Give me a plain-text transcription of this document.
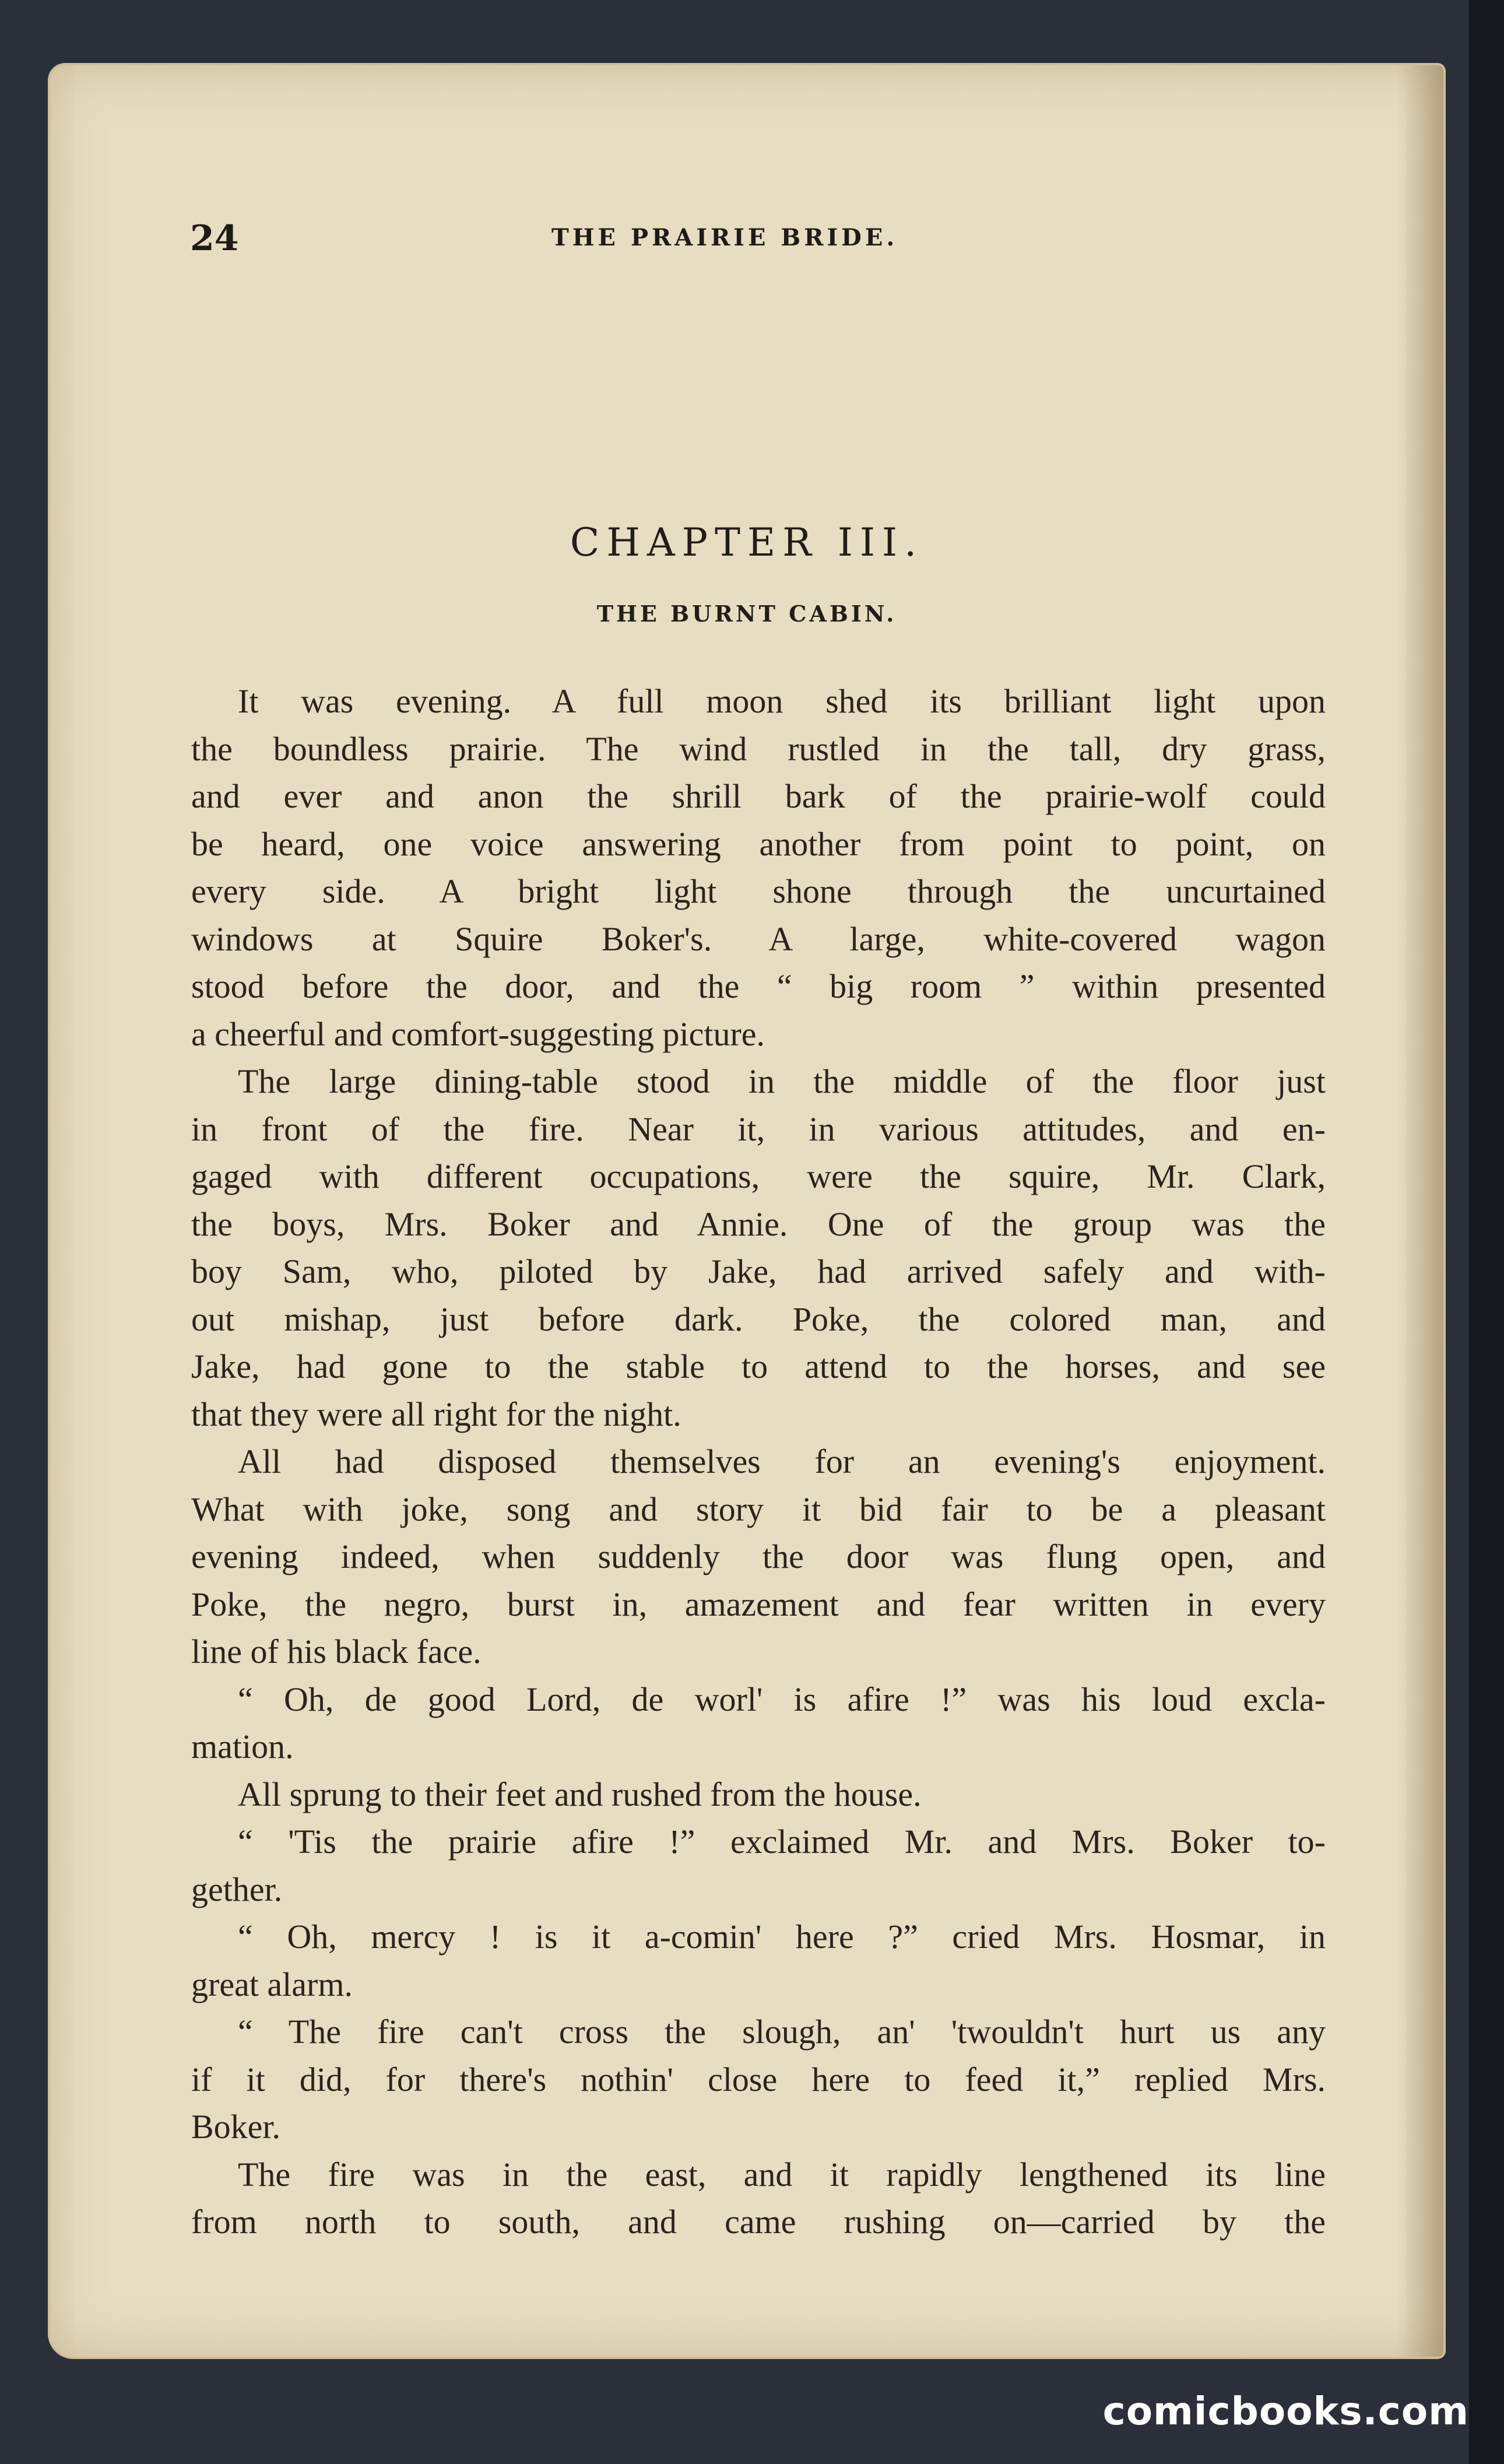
24	THE PRAIRIE BRIDE.
CHAPTER III.
THE BURNT CABIN.
It was evening. A full moon shed its brilliant light upon
the boundless prairie. The wind rustled in the tall, dry grass,
and ever and anon the shrill bark of the prairie-wolf could
be heard, one voice answering another from point to point, on
every side. A bright light shone through the uncurtained
windows at Squire Boker's. A large, white-covered wagon
stood before the door, and the “ big room ” within presented
a cheerful and comfort-suggesting picture.
The large dining-table stood in the middle of the floor just
in front of the fire. Near it, in various attitudes, and en-
gaged with different occupations, were the squire, Mr. Clark,
the boys, Mrs. Boker and Annie. One of the group was the
boy Sam, who, piloted by Jake, had arrived safely and with-
out mishap, just before dark. Poke, the colored man, and
Jake, had gone to the stable to attend to the horses, and see
that they were all right for the night.
All had disposed themselves for an evening's enjoyment.
What with joke, song and story it bid fair to be a pleasant
evening indeed, when suddenly the door was flung open, and
Poke, the negro, burst in, amazement and fear written in every
line of his black face.
“ Oh, de good Lord, de worl' is afire !” was his loud excla-
mation.
All sprung to their feet and rushed from the house.
“ 'Tis the prairie afire !” exclaimed Mr. and Mrs. Boker to-
gether.
“ Oh, mercy ! is it a-comin' here ?” cried Mrs. Hosmar, in
great alarm.
“ The fire can't cross the slough, an' 'twouldn't hurt us any
if it did, for there's nothin' close here to feed it,” replied Mrs.
Boker.
The fire was in the east, and it rapidly lengthened its line
from north to south, and came rushing on—carried by the
comicbooks.com
